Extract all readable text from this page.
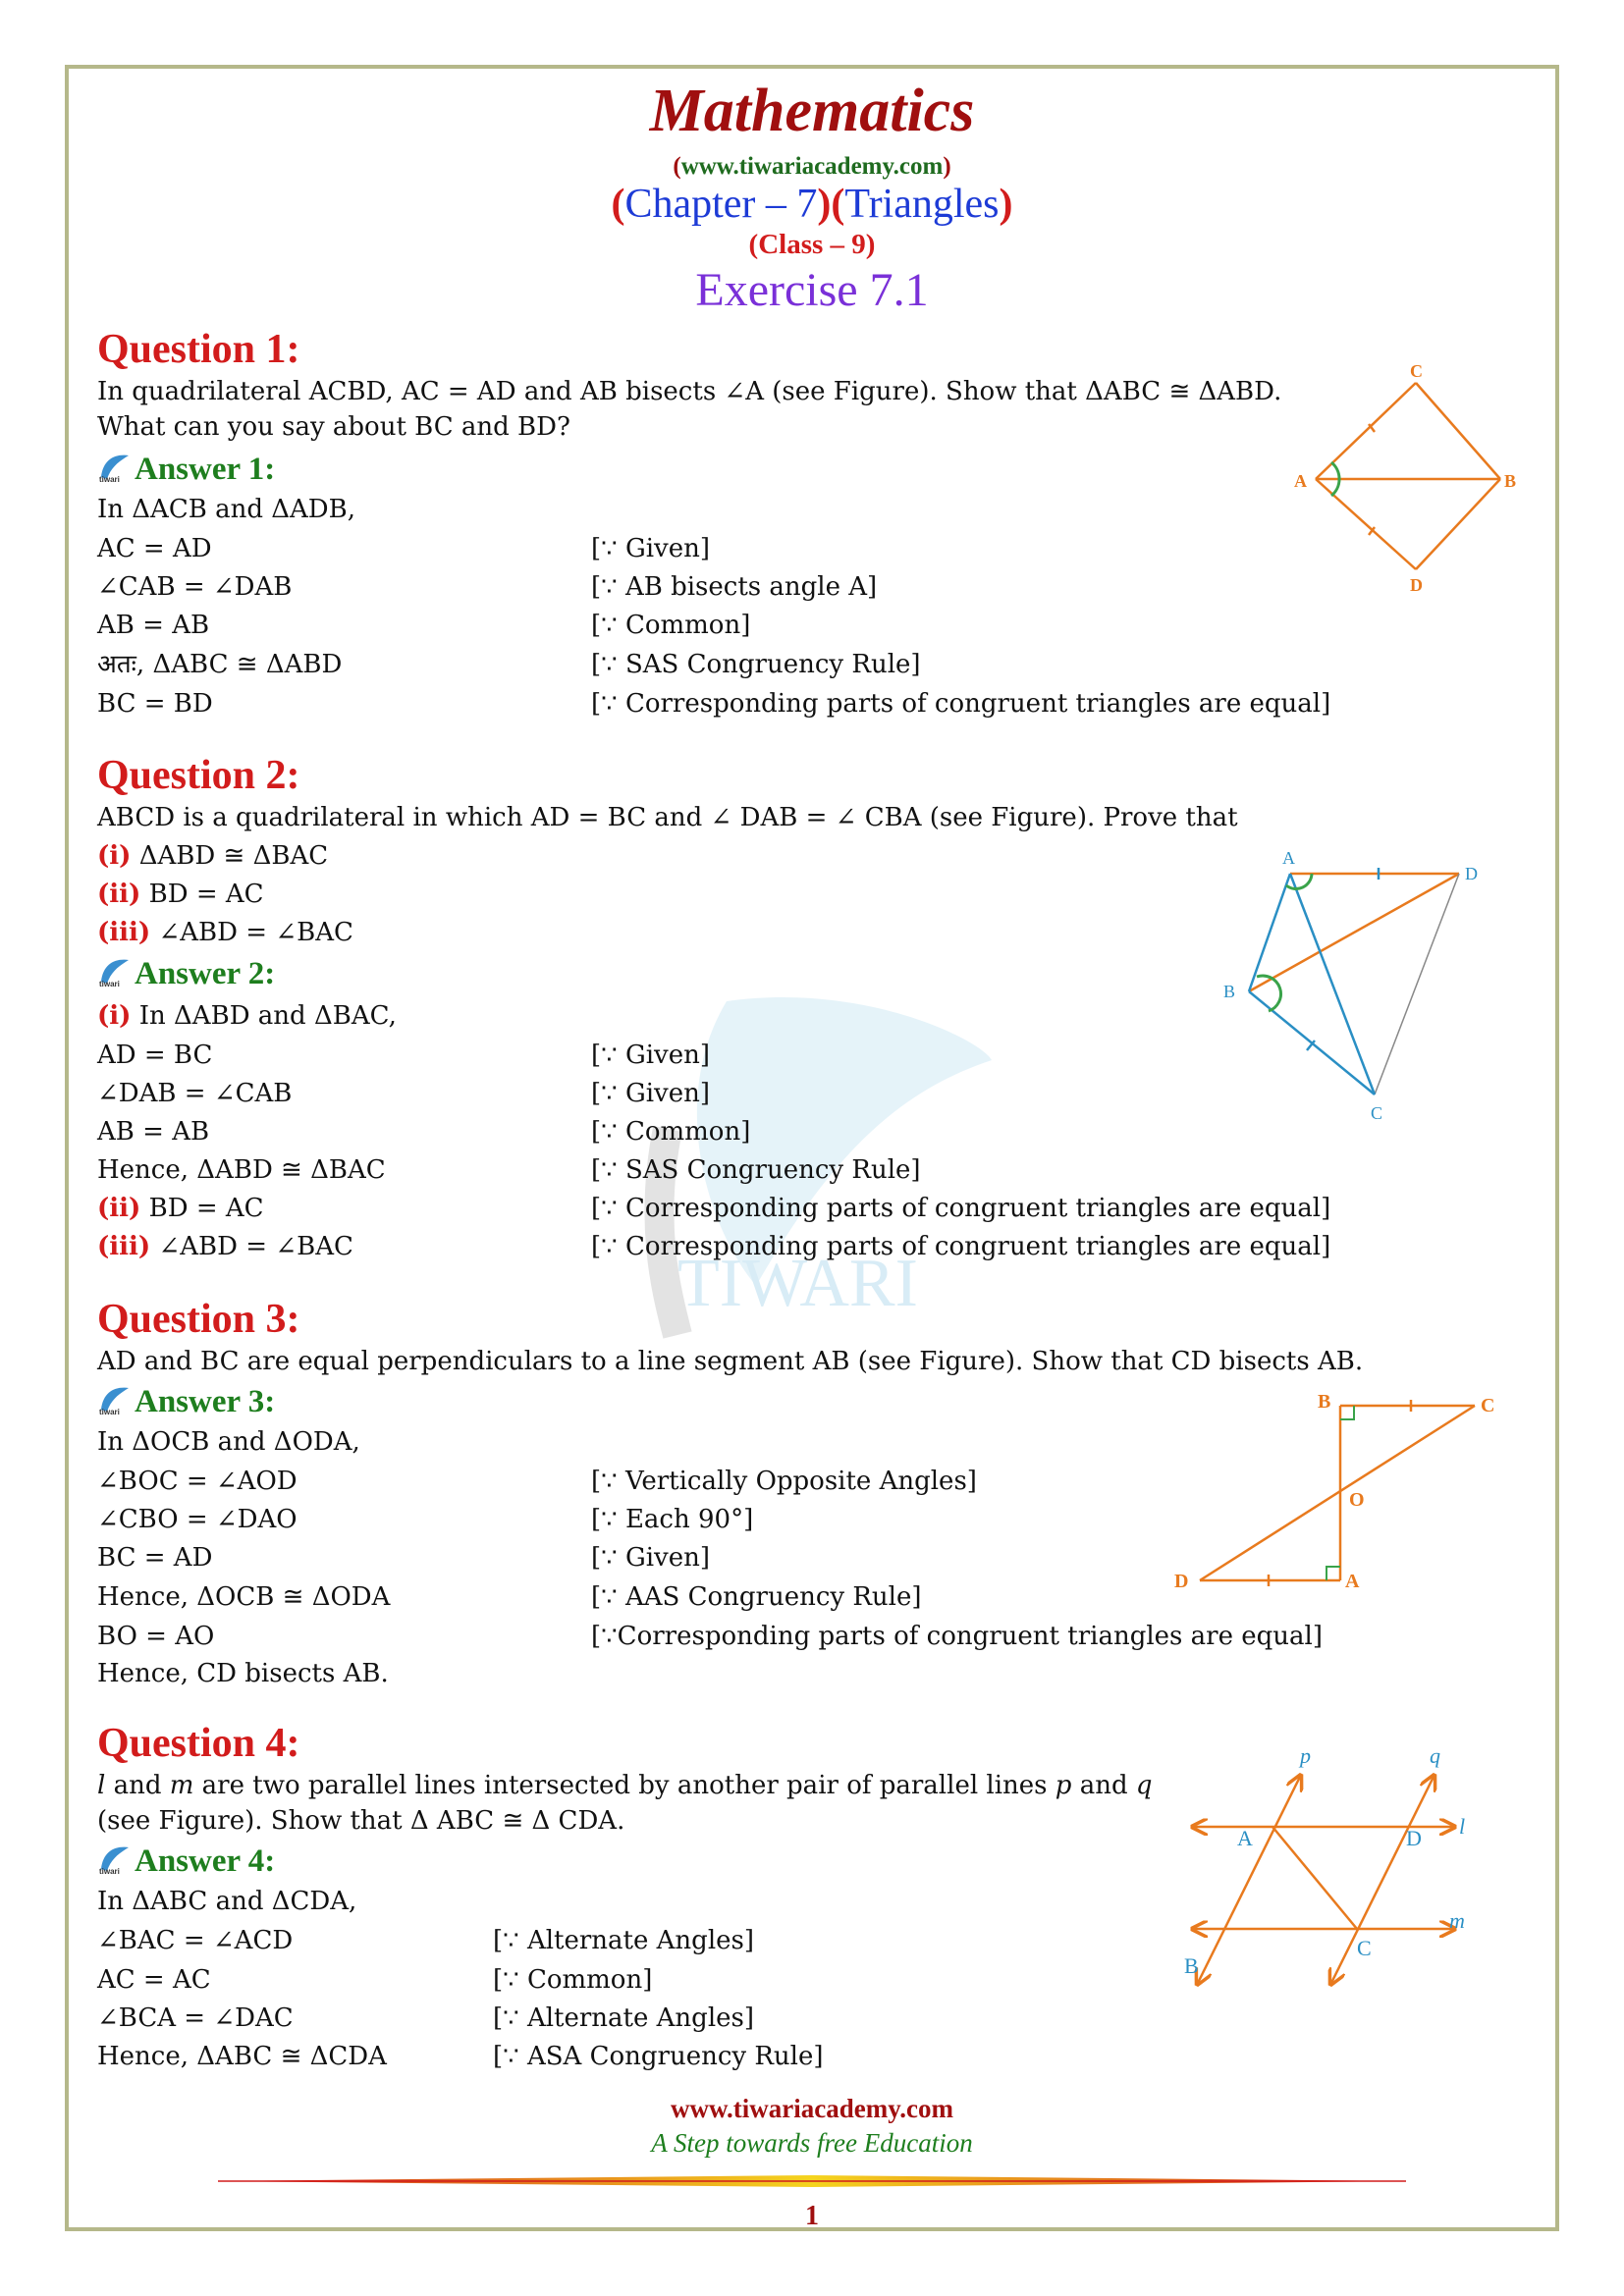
TIWARI
Mathematics
(www.tiwariacademy.com)
(Chapter – 7)(Triangles)
(Class – 9)
Exercise 7.1
Question 1:
In quadrilateral ACBD, AC = AD and AB bisects ∠A (see Figure). Show that ΔABC ≅ ΔABD.
What can you say about BC and BD?
tiwari Answer 1:
In ΔACB and ΔADB,
AC = AD	[∵ Given]
∠CAB = ∠DAB	[∵ AB bisects angle A]
AB = AB	[∵ Common]
अतः, ΔABC ≅ ΔABD	[∵ SAS Congruency Rule]
BC = BD	[∵ Corresponding parts of congruent triangles are equal]
A	B
C
D
Question 2:
ABCD is a quadrilateral in which AD = BC and ∠ DAB = ∠ CBA (see Figure). Prove that
(i) ΔABD ≅ ΔBAC
(ii) BD = AC
(iii) ∠ABD = ∠BAC
tiwari Answer 2:
(i) In ΔABD and ΔBAC,
AD = BC	[∵ Given]
∠DAB = ∠CAB	[∵ Given]
AB = AB	[∵ Common]
Hence, ΔABD ≅ ΔBAC	[∵ SAS Congruency Rule]
(ii) BD = AC	[∵ Corresponding parts of congruent triangles are equal]
(iii) ∠ABD = ∠BAC	[∵ Corresponding parts of congruent triangles are equal]
A
B
C
D
Question 3:
AD and BC are equal perpendiculars to a line segment AB (see Figure). Show that CD bisects AB.
tiwari Answer 3:
In ΔOCB and ΔODA,
∠BOC = ∠AOD	[∵ Vertically Opposite Angles]
∠CBO = ∠DAO	[∵ Each 90°]
BC = AD	[∵ Given]
Hence, ΔOCB ≅ ΔODA	[∵ AAS Congruency Rule]
BO = AO	[∵Corresponding parts of congruent triangles are equal]
Hence, CD bisects AB.
B	C
O
D	A
Question 4:
l and m are two parallel lines intersected by another pair of parallel lines p and q
(see Figure). Show that Δ ABC ≅ Δ CDA.
tiwari Answer 4:
In ΔABC and ΔCDA,
∠BAC = ∠ACD	[∵ Alternate Angles]
AC = AC	[∵ Common]
∠BCA = ∠DAC	[∵ Alternate Angles]
Hence, ΔABC ≅ ΔCDA	[∵ ASA Congruency Rule]
p	q
l
m
A	D
B
C
www.tiwariacademy.com
A Step towards free Education
1
